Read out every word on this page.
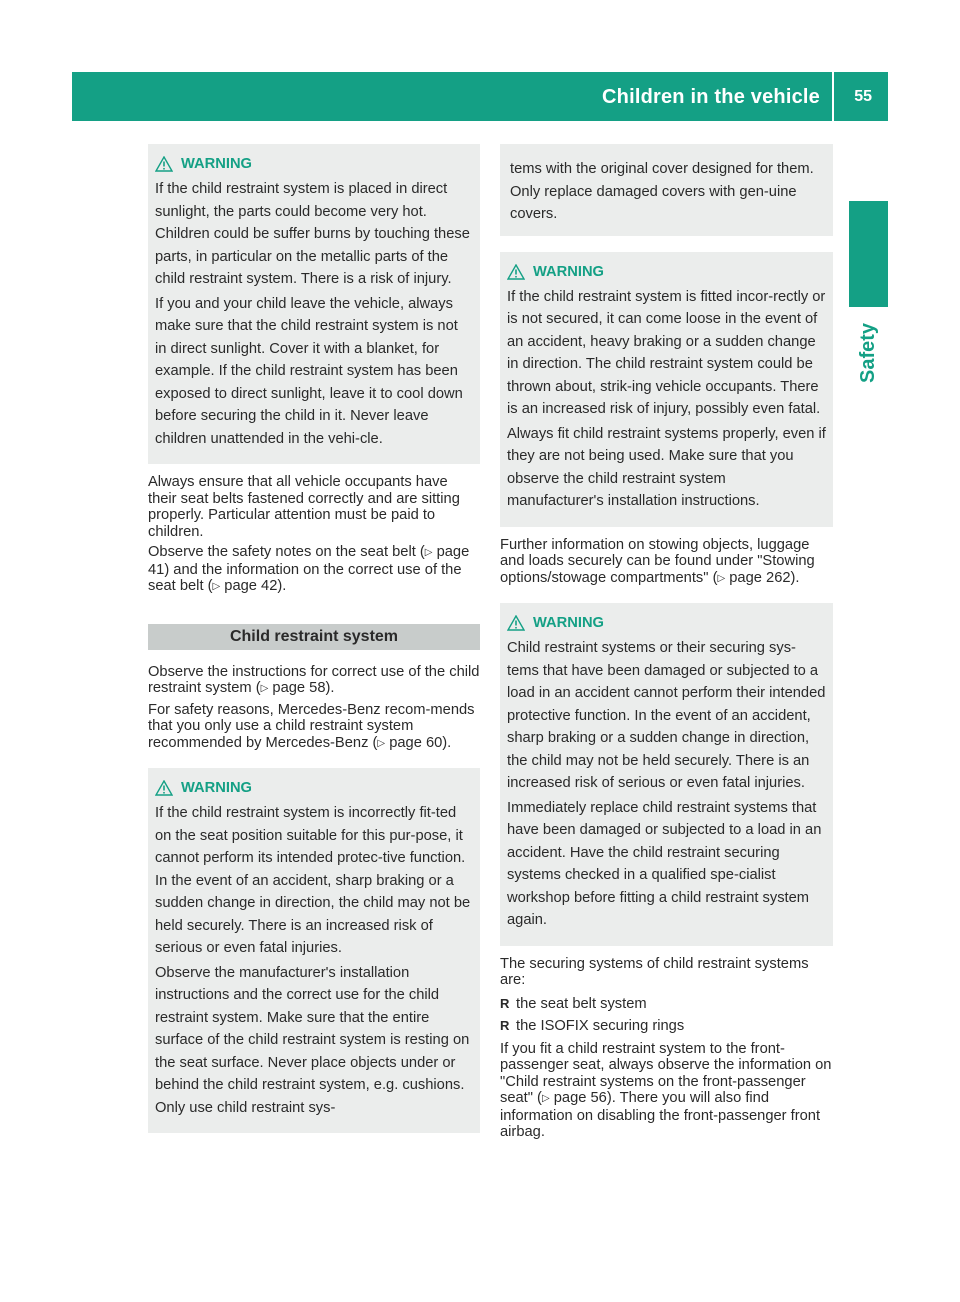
Children in the vehicle 55
Safety
WARNING

If the child restraint system is placed in direct sunlight, the parts could become very hot. Children could be suffer burns by touching these parts, in particular on the metallic parts of the child restraint system. There is a risk of injury.

If you and your child leave the vehicle, always make sure that the child restraint system is not in direct sunlight. Cover it with a blanket, for example. If the child restraint system has been exposed to direct sunlight, leave it to cool down before securing the child in it. Never leave children unattended in the vehi-cle.

Always ensure that all vehicle occupants have their seat belts fastened correctly and are sitting properly. Particular attention must be paid to children.

Observe the safety notes on the seat belt (▷ page 41) and the information on the correct use of the seat belt (▷ page 42).

Child restraint system

Observe the instructions for correct use of the child restraint system (▷ page 58).

For safety reasons, Mercedes-Benz recom-mends that you only use a child restraint system recommended by Mercedes-Benz (▷ page 60).

WARNING

If the child restraint system is incorrectly fit-ted on the seat position suitable for this pur-pose, it cannot perform its intended protec-tive function. In the event of an accident, sharp braking or a sudden change in direction, the child may not be held securely. There is an increased risk of serious or even fatal injuries.

Observe the manufacturer's installation instructions and the correct use for the child restraint system. Make sure that the entire surface of the child restraint system is resting on the seat surface. Never place objects under or behind the child restraint system, e.g. cushions. Only use child restraint sys-

tems with the original cover designed for them. Only replace damaged covers with gen-uine covers.

WARNING

If the child restraint system is fitted incor-rectly or is not secured, it can come loose in the event of an accident, heavy braking or a sudden change in direction. The child restraint system could be thrown about, strik-ing vehicle occupants. There is an increased risk of injury, possibly even fatal.

Always fit child restraint systems properly, even if they are not being used. Make sure that you observe the child restraint system manufacturer's installation instructions.

Further information on stowing objects, luggage and loads securely can be found under "Stowing options/stowage compartments" (▷ page 262).

WARNING

Child restraint systems or their securing sys-tems that have been damaged or subjected to a load in an accident cannot perform their intended protective function. In the event of an accident, sharp braking or a sudden change in direction, the child may not be held securely. There is an increased risk of serious or even fatal injuries.

Immediately replace child restraint systems that have been damaged or subjected to a load in an accident. Have the child restraint securing systems checked in a qualified spe-cialist workshop before fitting a child restraint system again.

The securing systems of child restraint systems are:

R the seat belt system
R the ISOFIX securing rings

If you fit a child restraint system to the front-passenger seat, always observe the information on "Child restraint systems on the front-passenger seat" (▷ page 56). There you will also find information on disabling the front-passenger front airbag.
